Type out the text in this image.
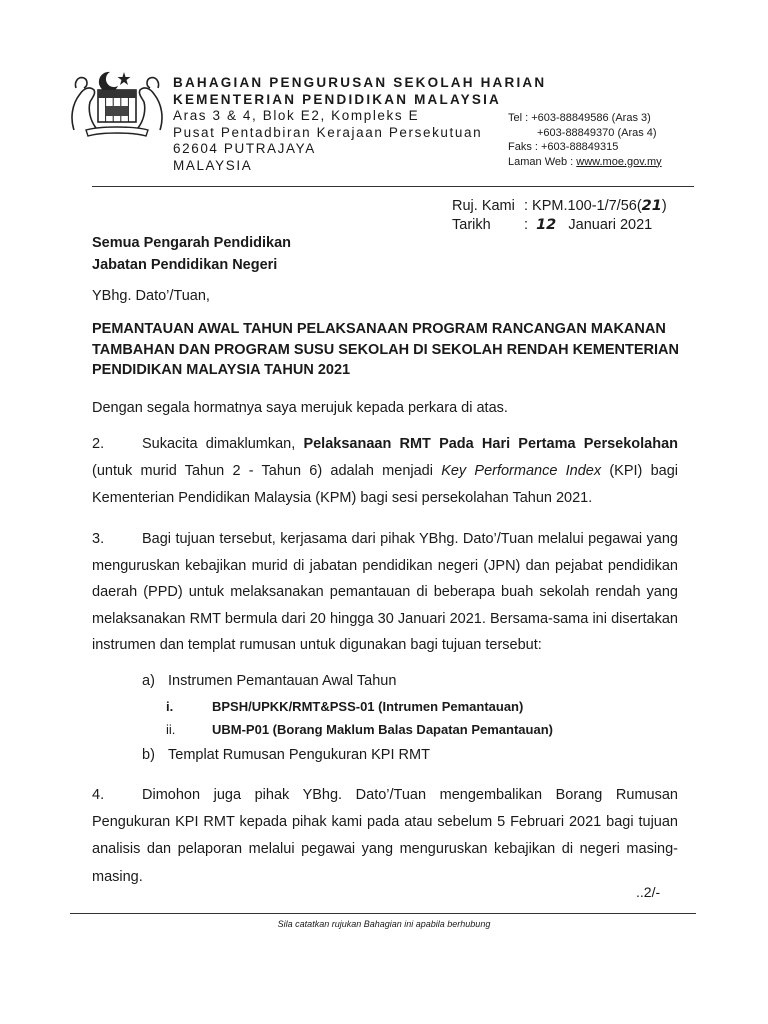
BAHAGIAN PENGURUSAN SEKOLAH HARIAN
KEMENTERIAN PENDIDIKAN MALAYSIA
Aras 3 & 4, Blok E2, Kompleks E
Pusat Pentadbiran Kerajaan Persekutuan
62604 PUTRAJAYA
MALAYSIA
Tel : +603-88849586 (Aras 3)
+603-88849370 (Aras 4)
Faks : +603-88849315
Laman Web : www.moe.gov.my
Ruj. Kami : KPM.100-1/7/56(21)
Tarikh : 12 Januari 2021
Semua Pengarah Pendidikan
Jabatan Pendidikan Negeri
YBhg. Dato’/Tuan,
PEMANTAUAN AWAL TAHUN PELAKSANAAN PROGRAM RANCANGAN MAKANAN TAMBAHAN DAN PROGRAM SUSU SEKOLAH DI SEKOLAH RENDAH KEMENTERIAN PENDIDIKAN MALAYSIA TAHUN 2021
Dengan segala hormatnya saya merujuk kepada perkara di atas.
2.	Sukacita dimaklumkan, Pelaksanaan RMT Pada Hari Pertama Persekolahan (untuk murid Tahun 2 - Tahun 6) adalah menjadi Key Performance Index (KPI) bagi Kementerian Pendidikan Malaysia (KPM) bagi sesi persekolahan Tahun 2021.
3.	Bagi tujuan tersebut, kerjasama dari pihak YBhg. Dato’/Tuan melalui pegawai yang menguruskan kebajikan murid di jabatan pendidikan negeri (JPN) dan pejabat pendidikan daerah (PPD) untuk melaksanakan pemantauan di beberapa buah sekolah rendah yang melaksanakan RMT bermula dari 20 hingga 30 Januari 2021. Bersama-sama ini disertakan instrumen dan templat rumusan untuk digunakan bagi tujuan tersebut:
a) Instrumen Pemantauan Awal Tahun
i.	BPSH/UPKK/RMT&PSS-01 (Intrumen Pemantauan)
ii.	UBM-P01 (Borang Maklum Balas Dapatan Pemantauan)
b) Templat Rumusan Pengukuran KPI RMT
4.	Dimohon juga pihak YBhg. Dato’/Tuan mengembalikan Borang Rumusan Pengukuran KPI RMT kepada pihak kami pada atau sebelum 5 Februari 2021 bagi tujuan analisis dan pelaporan melalui pegawai yang menguruskan kebajikan di negeri masing-masing.
..2/-
Sila catatkan rujukan Bahagian ini apabila berhubung
